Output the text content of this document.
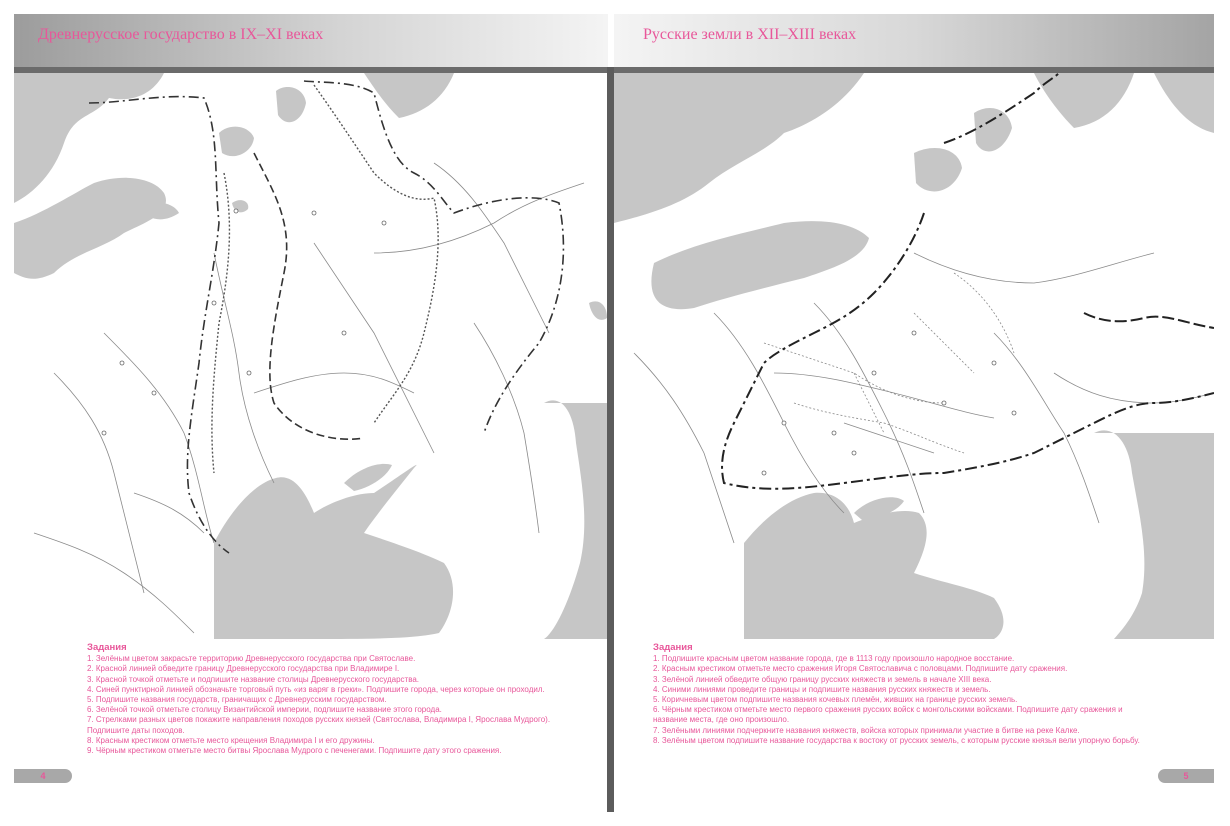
Древнерусское государство в IX–XI веках	Русские земли в XII–XIII веках
Задания
1. Зелёным цветом закрасьте территорию Древнерусского государства при Святославе.
2. Красной линией обведите границу Древнерусского государства при Владимире I.
3. Красной точкой отметьте и подпишите название столицы Древнерусского государства.
4. Синей пунктирной линией обозначьте торговый путь «из варяг в греки». Подпишите города, через которые он проходил.
5. Подпишите названия государств, граничащих с Древнерусским государством.
6. Зелёной точкой отметьте столицу Византийской империи, подпишите название этого города.
7. Стрелками разных цветов покажите направления походов русских князей (Святослава, Владимира I, Ярослава Мудрого). Подпишите даты походов.
8. Красным крестиком отметьте место крещения Владимира I и его дружины.
9. Чёрным крестиком отметьте место битвы Ярослава Мудрого с печенегами. Подпишите дату этого сражения.
Задания
1. Подпишите красным цветом название города, где в 1113 году произошло народное восстание.
2. Красным крестиком отметьте место сражения Игоря Святославича с половцами. Подпишите дату сражения.
3. Зелёной линией обведите общую границу русских княжеств и земель в начале XIII века.
4. Синими линиями проведите границы и подпишите названия русских княжеств и земель.
5. Коричневым цветом подпишите названия кочевых племён, живших на границе русских земель.
6. Чёрным крестиком отметьте место первого сражения русских войск с монгольскими войсками. Подпишите дату сражения и название места, где оно произошло.
7. Зелёными линиями подчеркните названия княжеств, войска которых принимали участие в битве на реке Калке.
8. Зелёным цветом подпишите название государства к востоку от русских земель, с которым русские князья вели упорную борьбу.
4	5
